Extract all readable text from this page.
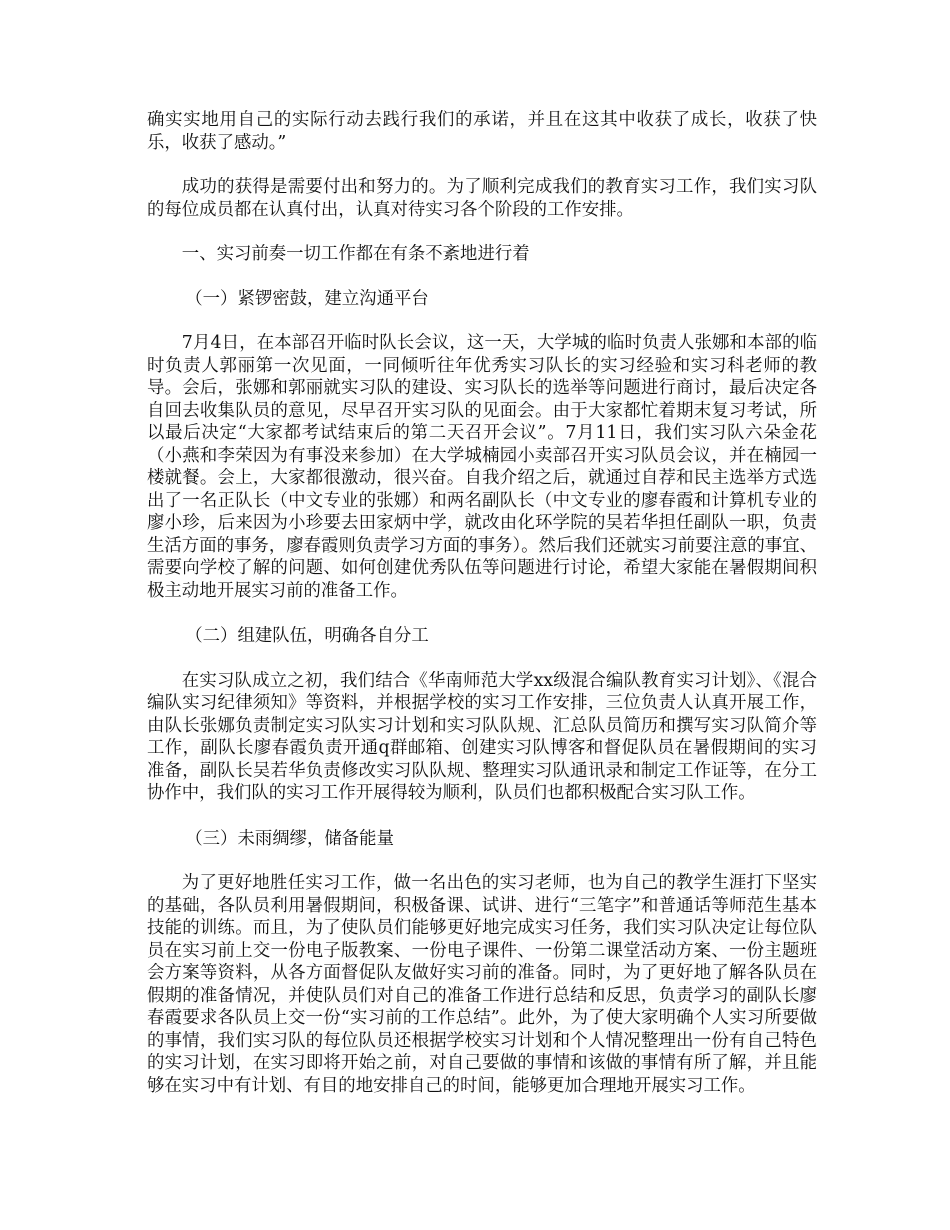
确实实地用自己的实际行动去践行我们的承诺，并且在这其中收获了成长，收获了快乐，收获了感动。”

成功的获得是需要付出和努力的。为了顺利完成我们的教育实习工作，我们实习队的每位成员都在认真付出，认真对待实习各个阶段的工作安排。

一、实习前奏一切工作都在有条不紊地进行着

（一）紧锣密鼓，建立沟通平台

7月4日，在本部召开临时队长会议，这一天，大学城的临时负责人张娜和本部的临时负责人郭丽第一次见面，一同倾听往年优秀实习队长的实习经验和实习科老师的教导。会后，张娜和郭丽就实习队的建设、实习队长的选举等问题进行商讨，最后决定各自回去收集队员的意见，尽早召开实习队的见面会。由于大家都忙着期末复习考试，所以最后决定“大家都考试结束后的第二天召开会议”。7月11日，我们实习队六朵金花（小燕和李荣因为有事没来参加）在大学城楠园小卖部召开实习队员会议，并在楠园一楼就餐。会上，大家都很激动，很兴奋。自我介绍之后，就通过自荐和民主选举方式选出了一名正队长（中文专业的张娜）和两名副队长（中文专业的廖春霞和计算机专业的廖小珍，后来因为小珍要去田家炳中学，就改由化环学院的吴若华担任副队一职，负责生活方面的事务，廖春霞则负责学习方面的事务）。然后我们还就实习前要注意的事宜、需要向学校了解的问题、如何创建优秀队伍等问题进行讨论，希望大家能在暑假期间积极主动地开展实习前的准备工作。

（二）组建队伍，明确各自分工

在实习队成立之初，我们结合《华南师范大学xx级混合编队教育实习计划》、《混合编队实习纪律须知》等资料，并根据学校的实习工作安排，三位负责人认真开展工作，由队长张娜负责制定实习队实习计划和实习队队规、汇总队员简历和撰写实习队简介等工作，副队长廖春霞负责开通q群邮箱、创建实习队博客和督促队员在暑假期间的实习准备，副队长吴若华负责修改实习队队规、整理实习队通讯录和制定工作证等，在分工协作中，我们队的实习工作开展得较为顺利，队员们也都积极配合实习队工作。

（三）未雨绸缪，储备能量

为了更好地胜任实习工作，做一名出色的实习老师，也为自己的教学生涯打下坚实的基础，各队员利用暑假期间，积极备课、试讲、进行“三笔字”和普通话等师范生基本技能的训练。而且，为了使队员们能够更好地完成实习任务，我们实习队决定让每位队员在实习前上交一份电子版教案、一份电子课件、一份第二课堂活动方案、一份主题班会方案等资料，从各方面督促队友做好实习前的准备。同时，为了更好地了解各队员在假期的准备情况，并使队员们对自己的准备工作进行总结和反思，负责学习的副队长廖春霞要求各队员上交一份“实习前的工作总结”。此外，为了使大家明确个人实习所要做的事情，我们实习队的每位队员还根据学校实习计划和个人情况整理出一份有自己特色的实习计划，在实习即将开始之前，对自己要做的事情和该做的事情有所了解，并且能够在实习中有计划、有目的地安排自己的时间，能够更加合理地开展实习工作。
